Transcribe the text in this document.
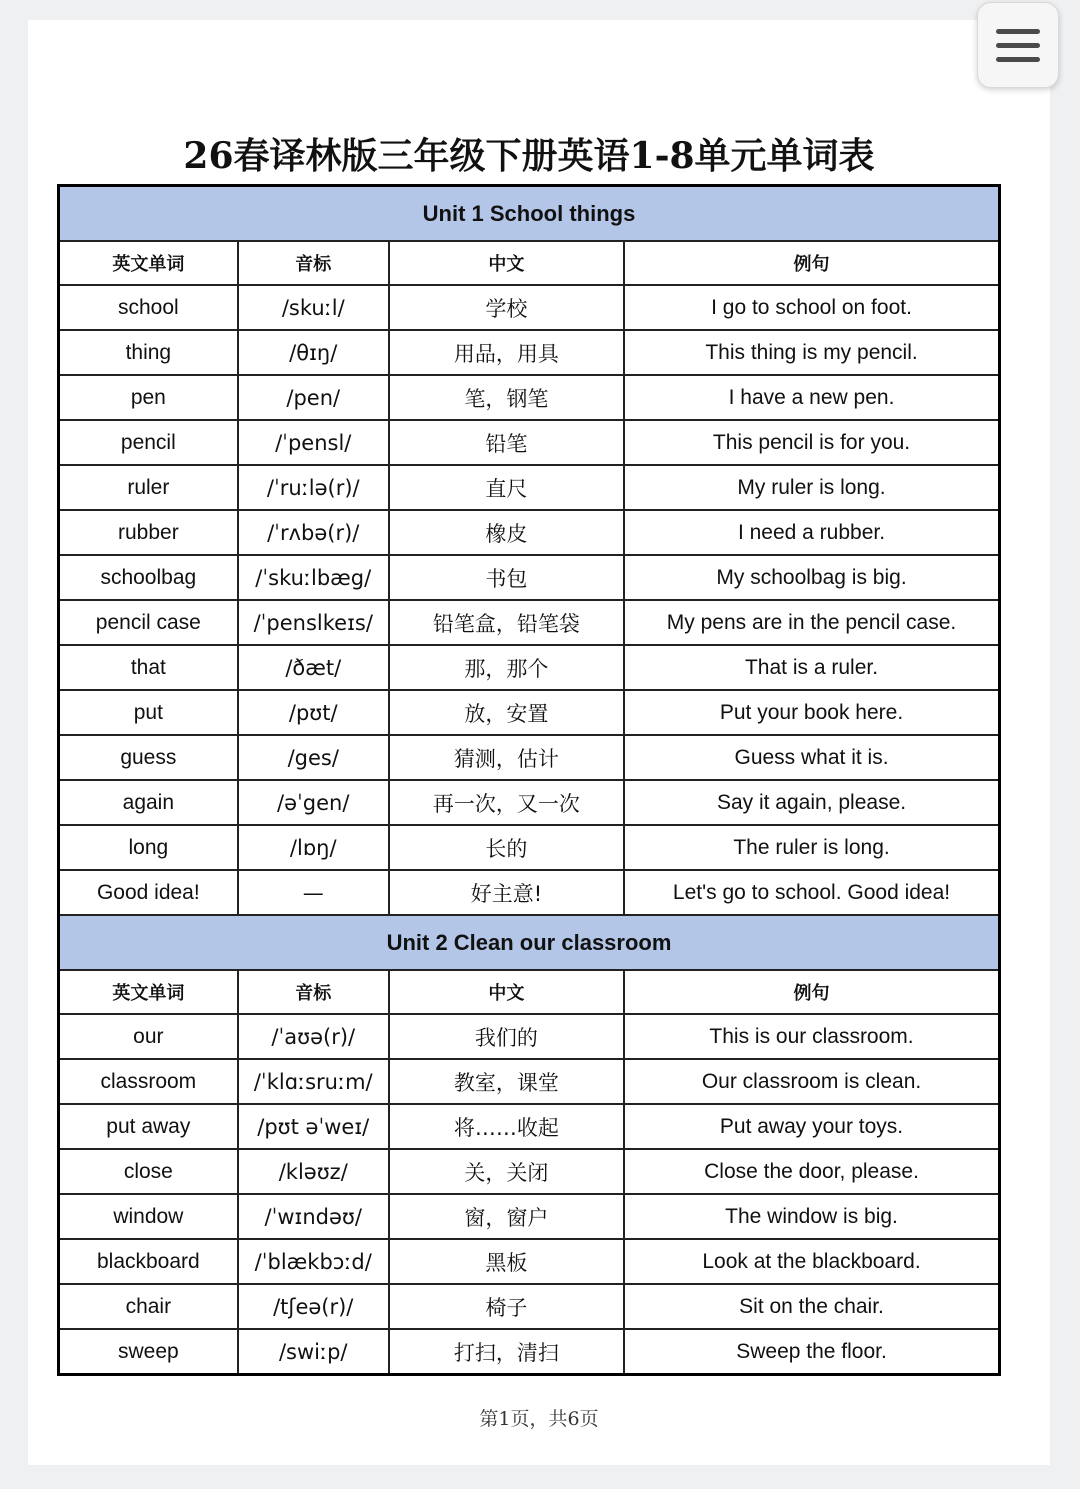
26春译林版三年级下册英语1-8单元单词表
Unit 1 School things			
英文单词	音标	中文	例句
school	/skuːl/	学校	I go to school on foot.
thing	/θɪŋ/	用品，用具	This thing is my pencil.
pen	/pen/	笔，钢笔	I have a new pen.
pencil	/ˈpensl/	铅笔	This pencil is for you.
ruler	/ˈruːlə(r)/	直尺	My ruler is long.
rubber	/ˈrʌbə(r)/	橡皮	I need a rubber.
schoolbag	/ˈskuːlbæg/	书包	My schoolbag is big.
pencil case	/ˈpenslkeɪs/	铅笔盒，铅笔袋	My pens are in the pencil case.
that	/ðæt/	那，那个	That is a ruler.
put	/pʊt/	放，安置	Put your book here.
guess	/ges/	猜测，估计	Guess what it is.
again	/əˈgen/	再一次，又一次	Say it again, please.
long	/lɒŋ/	长的	The ruler is long.
Good idea!	—	好主意!	Let's go to school. Good idea!
Unit 2 Clean our classroom			
英文单词	音标	中文	例句
our	/ˈaʊə(r)/	我们的	This is our classroom.
classroom	/ˈklɑːsruːm/	教室，课堂	Our classroom is clean.
put away	/pʊt əˈweɪ/	将……收起	Put away your toys.
close	/kləʊz/	关，关闭	Close the door, please.
window	/ˈwɪndəʊ/	窗，窗户	The window is big.
blackboard	/ˈblækbɔːd/	黑板	Look at the blackboard.
chair	/tʃeə(r)/	椅子	Sit on the chair.
sweep	/swiːp/	打扫，清扫	Sweep the floor.
第1页，共6页
